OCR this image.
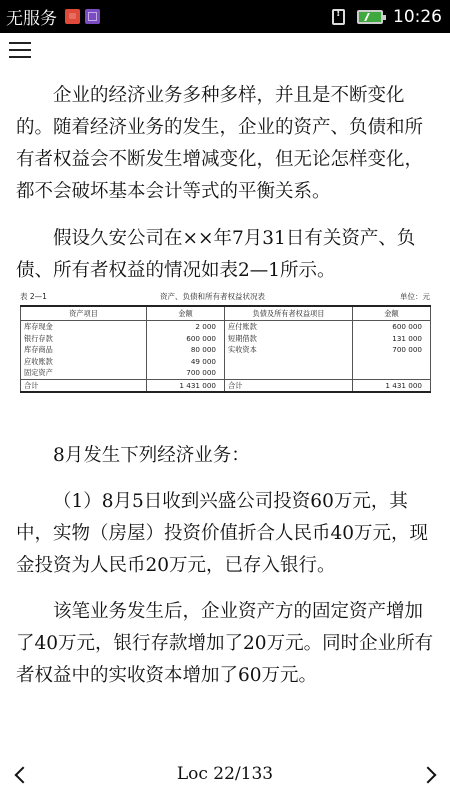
无服务 !	10:26

企业的经济业务多种多样，并且是不断变化的。随着经济业务的发生，企业的资产、负债和所有者权益会不断发生增减变化，但无论怎样变化，都不会破坏基本会计等式的平衡关系。

假设久安公司在××年7月31日有关资产、负债、所有者权益的情况如表2—1所示。

表 2—1	资产、负债和所有者权益状况表	单位：元
资产项目	金额	负债及所有者权益项目	金额
库存现金	2 000	应付账款	600 000
银行存款	600 000	短期借款	131 000
库存商品	80 000	实收资本	700 000
应收账款	49 000		
固定资产	700 000		
合计	1 431 000	合计	1 431 000

8月发生下列经济业务：

（1）8月5日收到兴盛公司投资60万元，其中，实物（房屋）投资价值折合人民币40万元，现金投资为人民币20万元，已存入银行。

该笔业务发生后，企业资产方的固定资产增加了40万元，银行存款增加了20万元。同时企业所有者权益中的实收资本增加了60万元。

Loc 22/133
